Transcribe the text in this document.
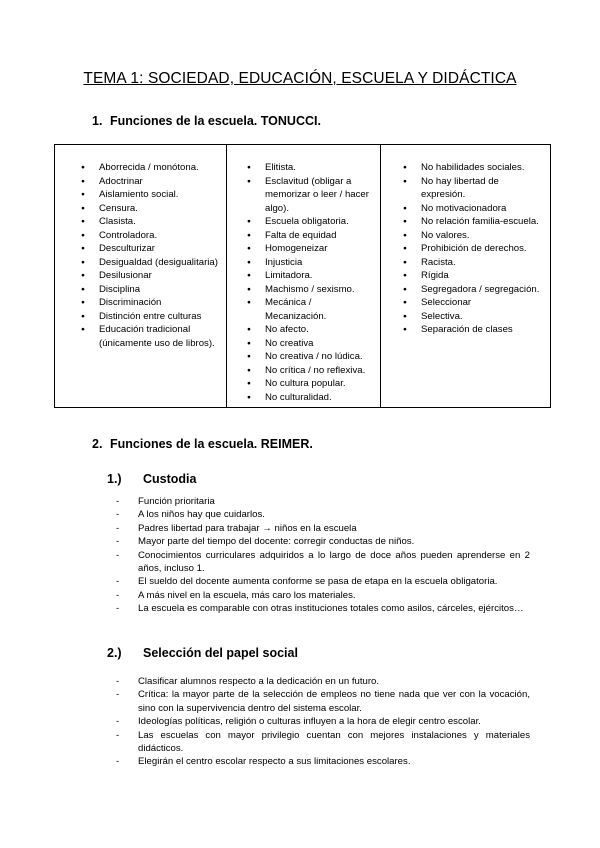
TEMA 1: SOCIEDAD, EDUCACIÓN, ESCUELA Y DIDÁCTICA
1. Funciones de la escuela. TONUCCI.
● Aborrecida / monótona.
● Adoctrinar
● Aislamiento social.
● Censura.
● Clasista.
● Controladora.
● Desculturizar
● Desigualdad (desigualitaria)
● Desilusionar
● Disciplina
● Discriminación
● Distinción entre culturas
● Educación tradicional (únicamente uso de libros).

● Elitista.
● Esclavitud (obligar a memorizar o leer / hacer algo).
● Escuela obligatoria.
● Falta de equidad
● Homogeneizar
● Injusticia
● Limitadora.
● Machismo / sexismo.
● Mecánica / Mecanización.
● No afecto.
● No creativa
● No creativa / no lúdica.
● No crítica / no reflexiva.
● No cultura popular.
● No culturalidad.

● No habilidades sociales.
● No hay libertad de expresión.
● No motivacionadora
● No relación familia-escuela.
● No valores.
● Prohibición de derechos.
● Racista.
● Rígida
● Segregadora / segregación.
● Seleccionar
● Selectiva.
● Separación de clases
2. Funciones de la escuela. REIMER.
1.) Custodia
- Función prioritaria
- A los niños hay que cuidarlos.
- Padres libertad para trabajar → niños en la escuela
- Mayor parte del tiempo del docente: corregir conductas de niños.
- Conocimientos curriculares adquiridos a lo largo de doce años pueden aprenderse en 2 años, incluso 1.
- El sueldo del docente aumenta conforme se pasa de etapa en la escuela obligatoria.
- A más nivel en la escuela, más caro los materiales.
- La escuela es comparable con otras instituciones totales como asilos, cárceles, ejércitos…
2.) Selección del papel social
- Clasificar alumnos respecto a la dedicación en un futuro.
- Crítica: la mayor parte de la selección de empleos no tiene nada que ver con la vocación, sino con la supervivencia dentro del sistema escolar.
- Ideologías políticas, religión o culturas influyen a la hora de elegir centro escolar.
- Las escuelas con mayor privilegio cuentan con mejores instalaciones y materiales didácticos.
- Elegirán el centro escolar respecto a sus limitaciones escolares.
